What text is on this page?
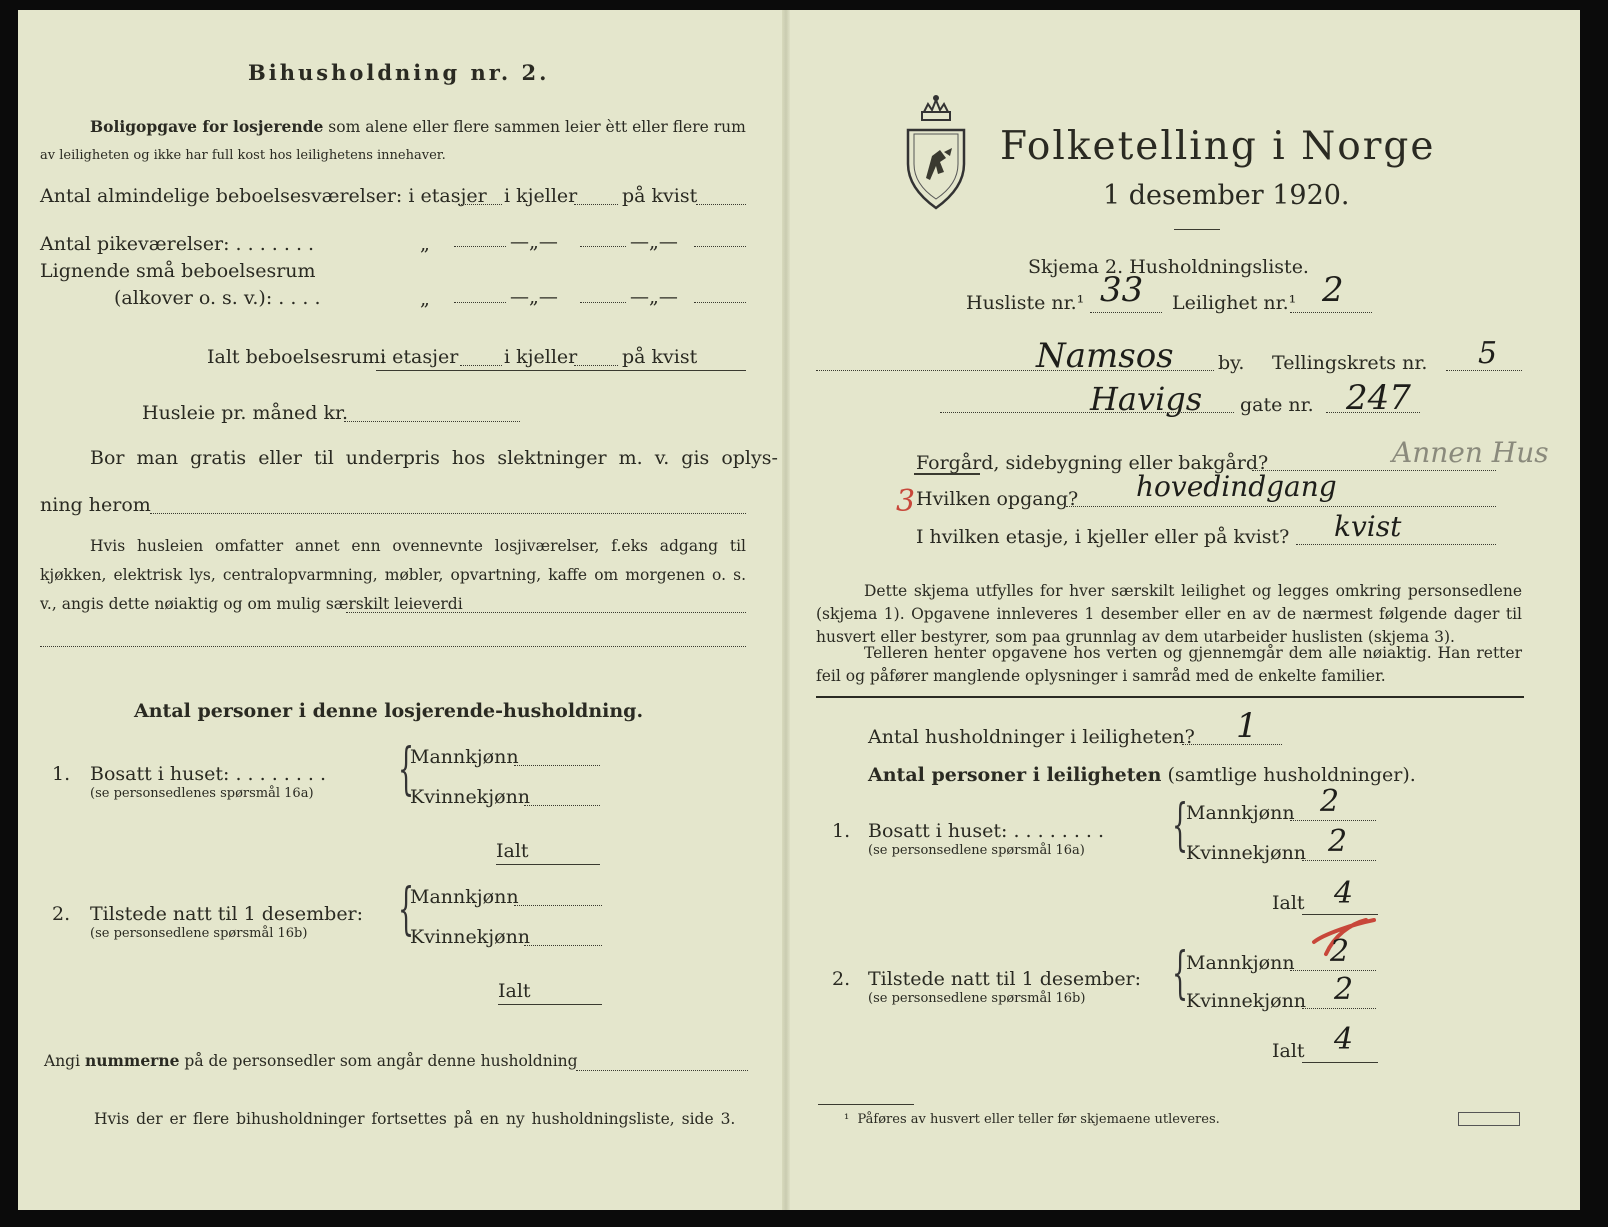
Bihusholdning nr. 2.
Boligopgave for losjerende som alene eller flere sammen leier ètt eller flere rum
av leiligheten og ikke har full kost hos leilighetens innehaver.
Antal almindelige beboelsesværelser: i etasjer i kjeller på kvist
Antal pikeværelser: . . . . . . .	„	—„—	—„—
Lignende små beboelsesrum
(alkover o. s. v.): . . . .	„	—„—	—„—
Ialt beboelsesrum:
i etasjer i kjeller på kvist
Husleie pr. måned kr.
Bor man gratis eller til underpris hos slektninger m. v. gis oplys-
ning herom
Hvis husleien omfatter annet enn ovennevnte losjiværelser, f.eks adgang til kjøkken, elektrisk lys, centralopvarmning, møbler, opvartning, kaffe om morgenen o. s. v., angis dette nøiaktig og om mulig særskilt leieverdi
Antal personer i denne losjerende-husholdning.
1. Bosatt i huset: . . . . . . . .
(se personsedlenes spørsmål 16a) {
Mannkjønn
Kvinnekjønn
Ialt
2. Tilstede natt til 1 desember:
(se personsedlene spørsmål 16b) {
Mannkjønn
Kvinnekjønn
Ialt
Angi nummerne på de personsedler som angår denne husholdning
Hvis der er flere bihusholdninger fortsettes på en ny husholdningsliste, side 3.
Folketelling i Norge
1 desember 1920.
Skjema 2. Husholdningsliste.
Husliste nr.¹ 33 Leilighet nr.¹ 2
Namsos by. Tellingskrets nr. 5
Havigs gate nr. 247
Forgård, sidebygning eller bakgård?	Annen Hus
3 Hvilken opgang? hovedindgang
I hvilken etasje, i kjeller eller på kvist? kvist
Dette skjema utfylles for hver særskilt leilighet og legges omkring personsedlene (skjema 1). Opgavene innleveres 1 desember eller en av de nærmest følgende dager til husvert eller bestyrer, som paa grunnlag av dem utarbeider huslisten (skjema 3).
Telleren henter opgavene hos verten og gjennemgår dem alle nøiaktig. Han retter feil og påfører manglende oplysninger i samråd med de enkelte familier.
Antal husholdninger i leiligheten? 1
Antal personer i leiligheten (samtlige husholdninger).
1. Bosatt i huset: . . . . . . . .
(se personsedlene spørsmål 16a) {
Mannkjønn 2
Kvinnekjønn 2
Ialt 4
2. Tilstede natt til 1 desember:
(se personsedlene spørsmål 16b) {
Mannkjønn 2
Kvinnekjønn 2
Ialt 4
¹ Påføres av husvert eller teller før skjemaene utleveres.
